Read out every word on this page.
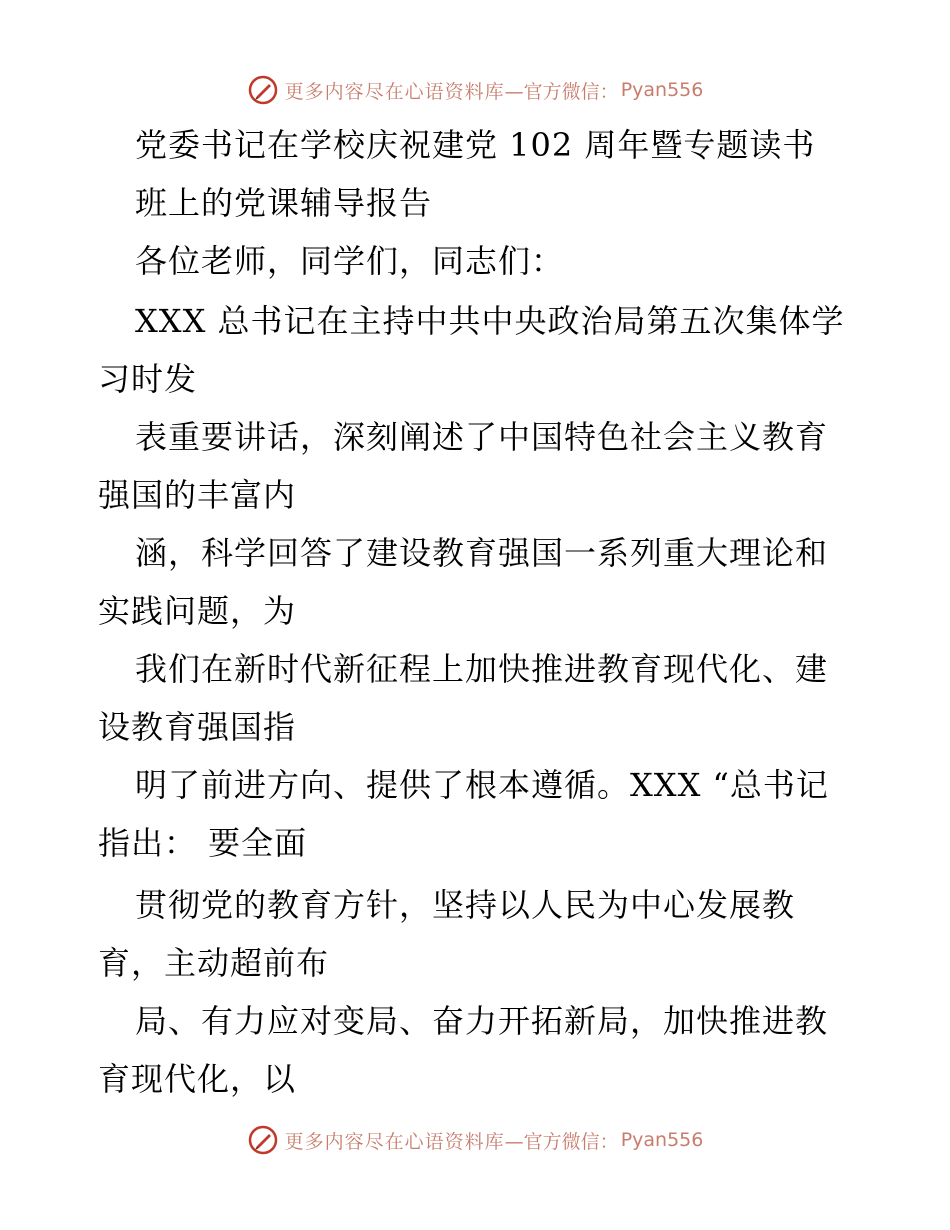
更多内容尽在心语资料库 —官方微信： Pyan556
党委书记在学校庆祝建党 102 周年暨专题读书
班上的党课辅导报告
各位老师，同学们，同志们：
XXX 总书记在主持中共中央政治局第五次集体学
习时发
表重要讲话，深刻阐述了中国特色社会主义教育
强国的丰富内
涵，科学回答了建设教育强国一系列重大理论和
实践问题，为
我们在新时代新征程上加快推进教育现代化、建
设教育强国指
明了前进方向、提供了根本遵循。XXX “总书记
指出： 要全面
贯彻党的教育方针，坚持以人民为中心发展教
育，主动超前布
局、有力应对变局、奋力开拓新局，加快推进教
育现代化，以
更多内容尽在心语资料库 —官方微信： Pyan556
